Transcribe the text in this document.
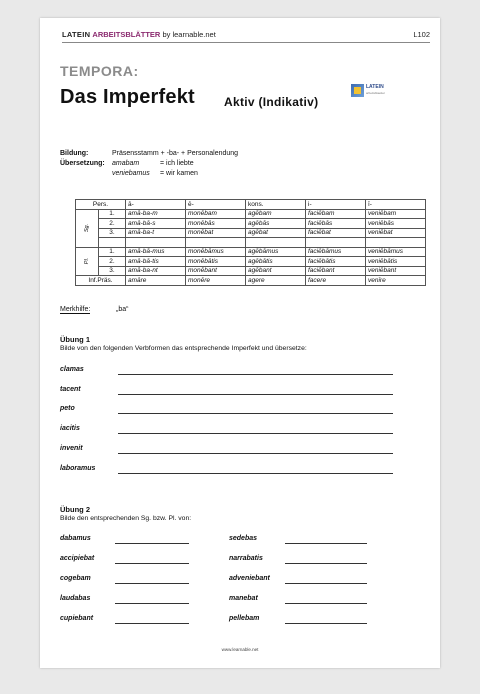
LATEIN ARBEITSBLÄTTER by learnable.net	L102
TEMPORA:
Das Imperfekt Aktiv (Indikativ)
LATEIN
arbeitsblaetter
Bildung:	Präsensstamm + -ba- + Personalendung
Übersetzung: amabam	= ich liebte
veniebamus = wir kamen
Pers.		ā-	ē-	kons.	i-	ī-
Sg.	1.	amā-ba-m	monēbam	agēbam	faciēbam	veniēbam
	2.	amā-bā-s	monēbās	agēbās	faciēbās	veniēbās
	3.	amā-ba-t	monēbat	agēbat	faciēbat	veniēbat

Pl.	1.	amā-bā-mus	monēbāmus	agēbāmus	faciēbāmus	veniēbāmus
	2.	amā-bā-tis	monēbātis	agēbātis	faciēbātis	veniēbātis
	3.	amā-ba-nt	monēbant	agēbant	faciēbant	veniēbant
Inf.Präs.		amāre	monēre	agere	facere	venīre
Merkhilfe:	„ba“
Übung 1
Bilde von den folgenden Verbformen das entsprechende Imperfekt und übersetze:
clamas
tacent
peto
iacitis
invenit
laboramus
Übung 2
Bilde den entsprechenden Sg. bzw. Pl. von:
dabamus
accipiebat
cogebam
laudabas
cupiebant
sedebas
narrabatis
adveniebant
manebat
pellebam
www.learnable.net
